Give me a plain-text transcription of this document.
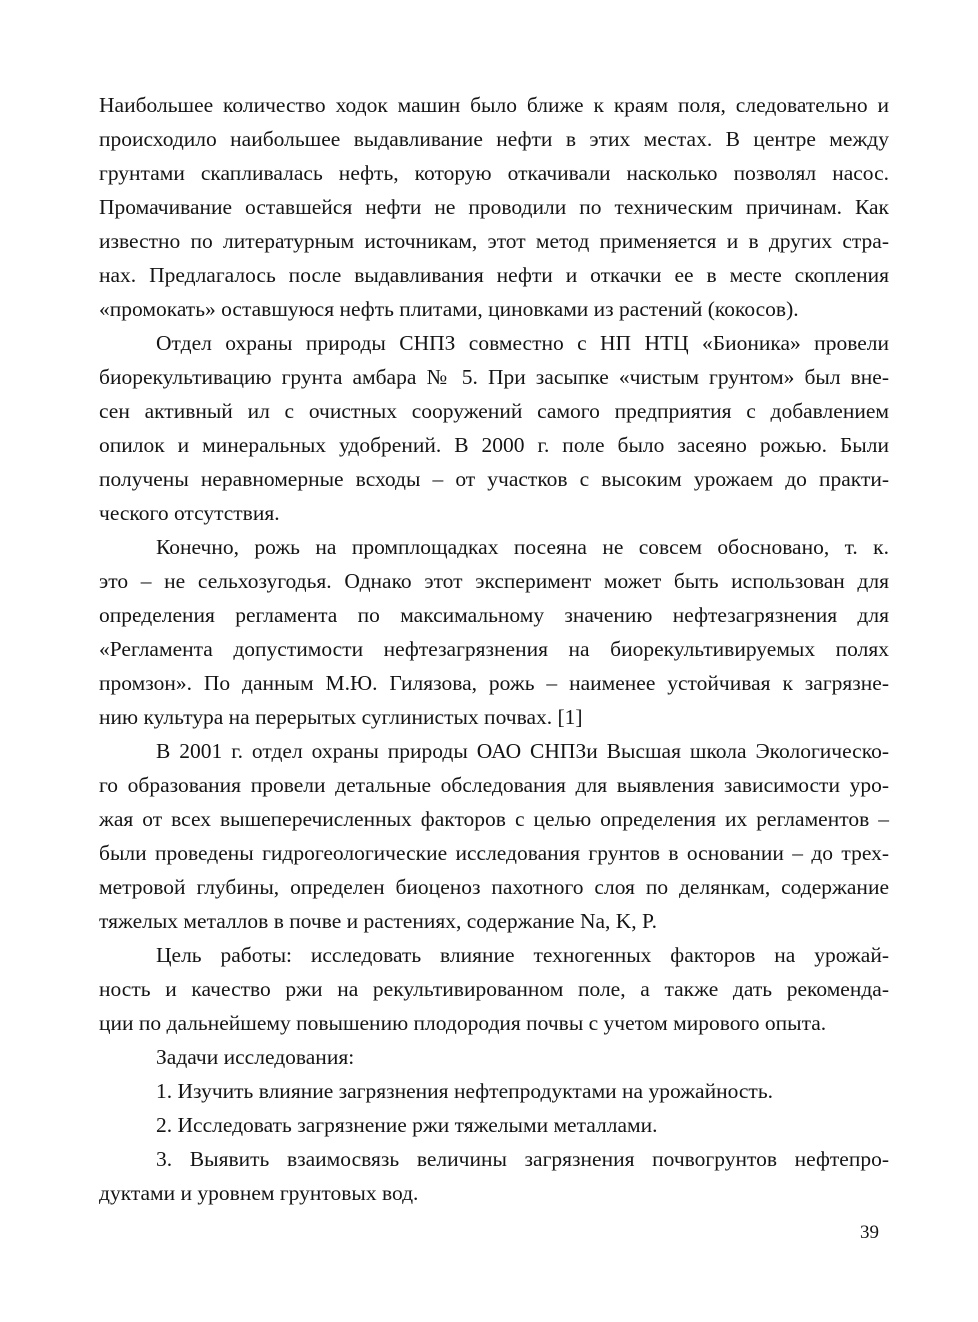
Наибольшее количество ходок машин было ближе к краям поля, следовательно и
происходило наибольшее выдавливание нефти в этих местах. В центре между
грунтами скапливалась нефть, которую откачивали насколько позволял насос.
Промачивание оставшейся нефти не проводили по техническим причинам. Как
известно по литературным источникам, этот метод применяется и в других стра-
нах. Предлагалось после выдавливания нефти и откачки ее в месте скопления
«промокать» оставшуюся нефть плитами, циновками из растений (кокосов).
Отдел охраны природы СНПЗ совместно с НП НТЦ «Бионика» провели
биорекультивацию грунта амбара № 5. При засыпке «чистым грунтом» был вне-
сен активный ил с очистных сооружений самого предприятия с добавлением
опилок и минеральных удобрений. В 2000 г. поле было засеяно рожью. Были
получены неравномерные всходы – от участков с высоким урожаем до практи-
ческого отсутствия.
Конечно, рожь на промплощадках посеяна не совсем обосновано, т. к.
это – не сельхозугодья. Однако этот эксперимент может быть использован для
определения регламента по максимальному значению нефтезагрязнения для
«Регламента допустимости нефтезагрязнения на биорекультивируемых полях
промзон». По данным М.Ю. Гилязова, рожь – наименее устойчивая к загрязне-
нию культура на перерытых суглинистых почвах. [1]
В 2001 г. отдел охраны природы ОАО СНПЗи Высшая школа Экологическо-
го образования провели детальные обследования для выявления зависимости уро-
жая от всех вышеперечисленных факторов с целью определения их регламентов –
были проведены гидрогеологические исследования грунтов в основании – до трех-
метровой глубины, определен биоценоз пахотного слоя по делянкам, содержание
тяжелых металлов в почве и растениях, содержание Na, K, P.
Цель работы: исследовать влияние техногенных факторов на урожай-
ность и качество ржи на рекультивированном поле, а также дать рекоменда-
ции по дальнейшему повышению плодородия почвы с учетом мирового опыта.
Задачи исследования:
1. Изучить влияние загрязнения нефтепродуктами на урожайность.
2. Исследовать загрязнение ржи тяжелыми металлами.
3. Выявить взаимосвязь величины загрязнения почвогрунтов нефтепро-
дуктами и уровнем грунтовых вод.
39
